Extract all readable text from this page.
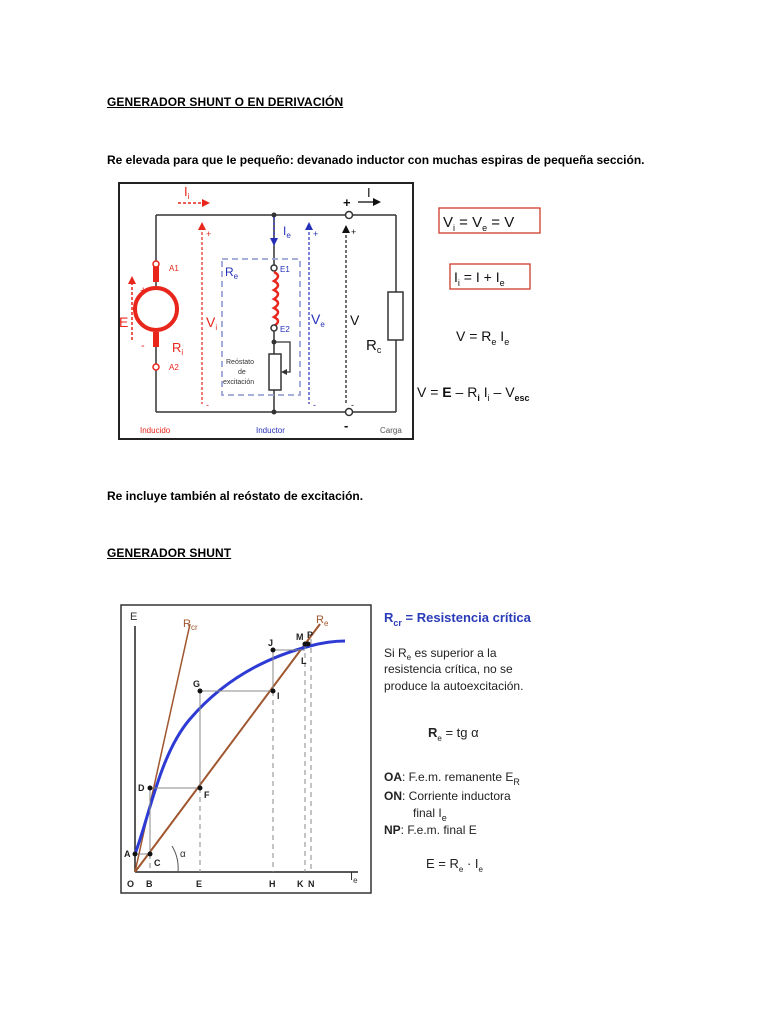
GENERADOR SHUNT O EN DERIVACIÓN
Re elevada para que Ie pequeño: devanado inductor con muchas espiras de pequeña sección.
$I_i$	I
$I_e$
$R_e$
A1
A2
E1
E2
E
+
- $R_i$
+
-
$V_i$
+
-
$V_e$ V
+
-
+
-
$R_c$
Reóstato
de
excitación
Inducido	Inductor	Carga
$V_i = V_e = V$
$I_i = I + I_e$
$V = R_e$ $I_e$
$V = E - R_i$ $I_i - V_{esc}$
Re incluye también al reóstato de excitación.
GENERADOR SHUNT
E
$I_e$
$R_{cr}$
$R_e$
α
O
A
B
C
D
E
F
G
H
I
J
K
L
M
N
P
$R_{cr}$ = Resistencia crítica
Si $R_e$ es superior a la
resistencia crítica, no se
produce la autoexcitación.
$R_e$ = tg α
OA: F.e.m. remanente $E_R$
ON: Corriente inductora
final $I_e$
NP: F.e.m. final E
$E = R_e \cdot I_e$
